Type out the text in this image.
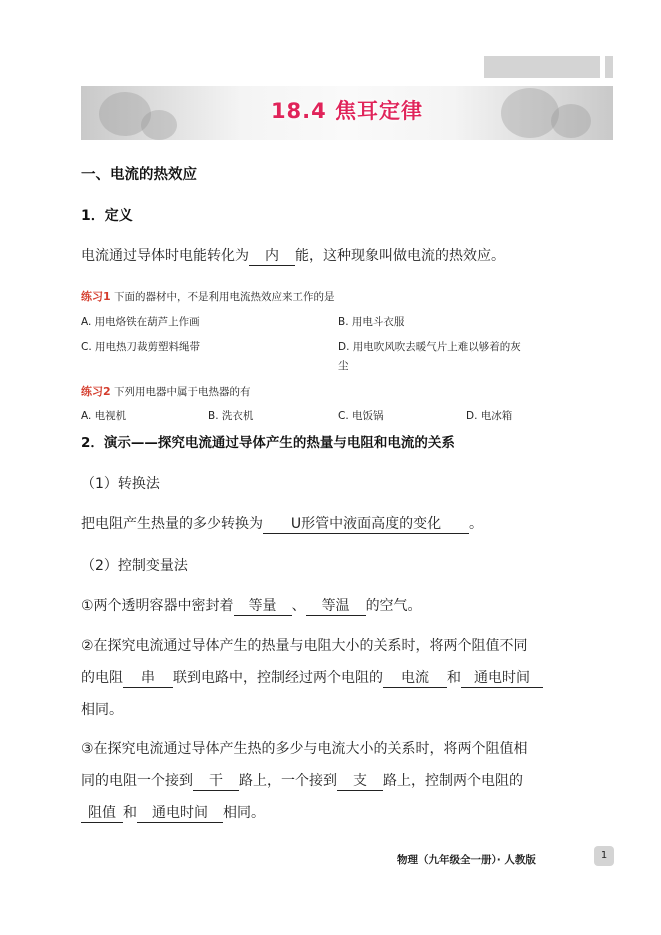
18.4 焦耳定律
一、电流的热效应
1．定义
电流通过导体时电能转化为 内 能，这种现象叫做电流的热效应。
练习1 下面的器材中，不是利用电流热效应来工作的是
A. 用电烙铁在葫芦上作画	B. 用电斗衣服
C. 用电热刀裁剪塑料绳带	D. 用电吹风吹去暖气片上难以够着的灰
尘
练习2 下列用电器中属于电热器的有
A. 电视机	B. 洗衣机	C. 电饭锅	D. 电冰箱
2．演示——探究电流通过导体产生的热量与电阻和电流的关系
（1）转换法
把电阻产生热量的多少转换为 U形管中液面高度的变化 。
（2）控制变量法
①两个透明容器中密封着 等量 、 等温 的空气。
②在探究电流通过导体产生的热量与电阻大小的关系时，将两个阻值不同
的电阻 串 联到电路中，控制经过两个电阻的 电流 和 通电时间
相同。
③在探究电流通过导体产生热的多少与电流大小的关系时，将两个阻值相
同的电阻一个接到 干 路上，一个接到 支 路上，控制两个电阻的
阻值 和 通电时间 相同。
物理（九年级全一册）· 人教版	1
